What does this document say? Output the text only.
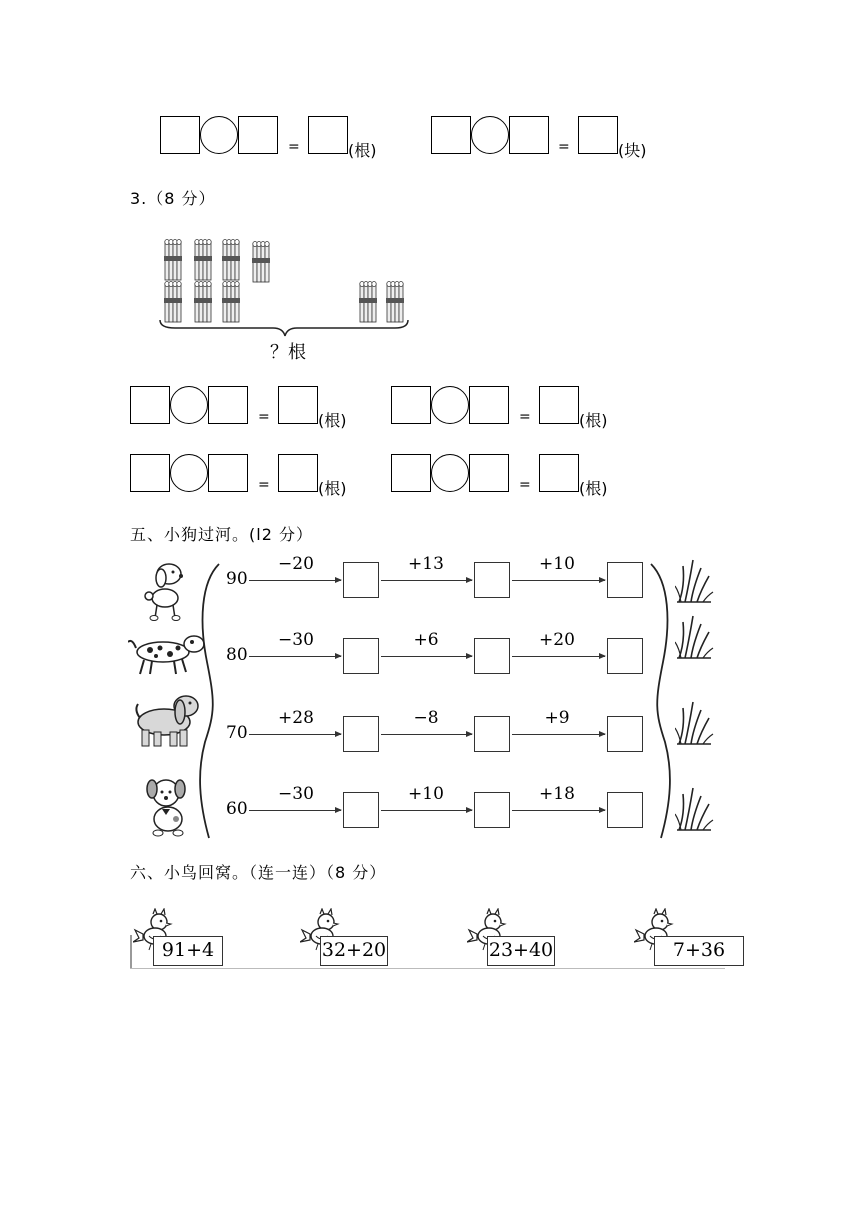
=	(根)	=	(块)
3.（8 分）
？根
=	(根)	=	(根)
=	(根)	=	(根)
五、小狗过河。(l2 分）
90
−20	+13	+10
80
−30	+6	+20
70
+28	−8	+9
60
−30	+10	+18
六、小鸟回窝。（连一连）（8 分）
91+4	32+20	23+40	7+36
